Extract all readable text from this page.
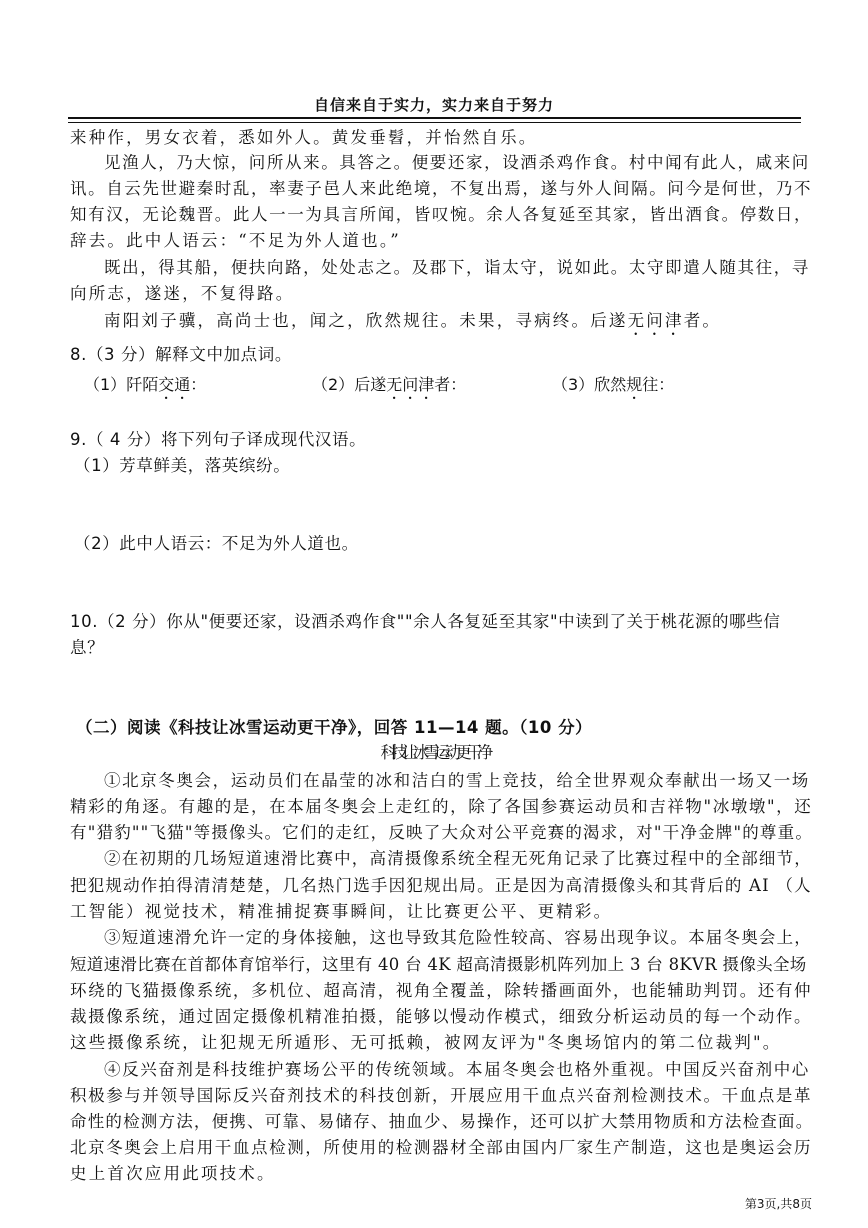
自信来自于实力，实力来自于努力
来种作，男女衣着，悉如外人。黄发垂髫，并怡然自乐。
见渔人，乃大惊，问所从来。具答之。便要还家，设酒杀鸡作食。村中闻有此人，咸来问
讯。自云先世避秦时乱，率妻子邑人来此绝境，不复出焉，遂与外人间隔。问今是何世，乃不
知有汉，无论魏晋。此人一一为具言所闻，皆叹惋。余人各复延至其家，皆出酒食。停数日，
辞去。此中人语云：“不足为外人道也。”
既出，得其船，便扶向路，处处志之。及郡下，诣太守，说如此。太守即遣人随其往，寻
向所志，遂迷，不复得路。
南阳刘子骥，高尚士也，闻之，欣然规往。未果，寻病终。后遂无问津者。
8.（3 分）解释文中加点词。
（1）阡陌交通：	（2）后遂无问津者：	（3）欣然规往：
9.（ 4 分）将下列句子译成现代汉语。
（1）芳草鲜美，落英缤纷。
（2）此中人语云：不足为外人道也。
10.（2 分）你从"便要还家，设酒杀鸡作食""余人各复延至其家"中读到了关于桃花源的哪些信
息？
（二）阅读《科技让冰雪运动更干净》，回答 11—14 题。（10 分）
科技让冰雪运动更干净
①北京冬奥会，运动员们在晶莹的冰和洁白的雪上竞技，给全世界观众奉献出一场又一场
精彩的角逐。有趣的是，在本届冬奥会上走红的，除了各国参赛运动员和吉祥物"冰墩墩"，还
有"猎豹""飞猫"等摄像头。它们的走红，反映了大众对公平竞赛的渴求，对"干净金牌"的尊重。
②在初期的几场短道速滑比赛中，高清摄像系统全程无死角记录了比赛过程中的全部细节，
把犯规动作拍得清清楚楚，几名热门选手因犯规出局。正是因为高清摄像头和其背后的 AI （人
工智能）视觉技术，精准捕捉赛事瞬间，让比赛更公平、更精彩。
③短道速滑允许一定的身体接触，这也导致其危险性较高、容易出现争议。本届冬奥会上，
短道速滑比赛在首都体育馆举行，这里有 40 台 4K 超高清摄影机阵列加上 3 台 8KVR 摄像头全场
环绕的飞猫摄像系统，多机位、超高清，视角全覆盖，除转播画面外，也能辅助判罚。还有仲
裁摄像系统，通过固定摄像机精准拍摄，能够以慢动作模式，细致分析运动员的每一个动作。
这些摄像系统，让犯规无所遁形、无可抵赖，被网友评为"冬奥场馆内的第二位裁判"。
④反兴奋剂是科技维护赛场公平的传统领域。本届冬奥会也格外重视。中国反兴奋剂中心
积极参与并领导国际反兴奋剂技术的科技创新，开展应用干血点兴奋剂检测技术。干血点是革
命性的检测方法，便携、可靠、易储存、抽血少、易操作，还可以扩大禁用物质和方法检查面。
北京冬奥会上启用干血点检测，所使用的检测器材全部由国内厂家生产制造，这也是奥运会历
史上首次应用此项技术。
第3页,共8页
